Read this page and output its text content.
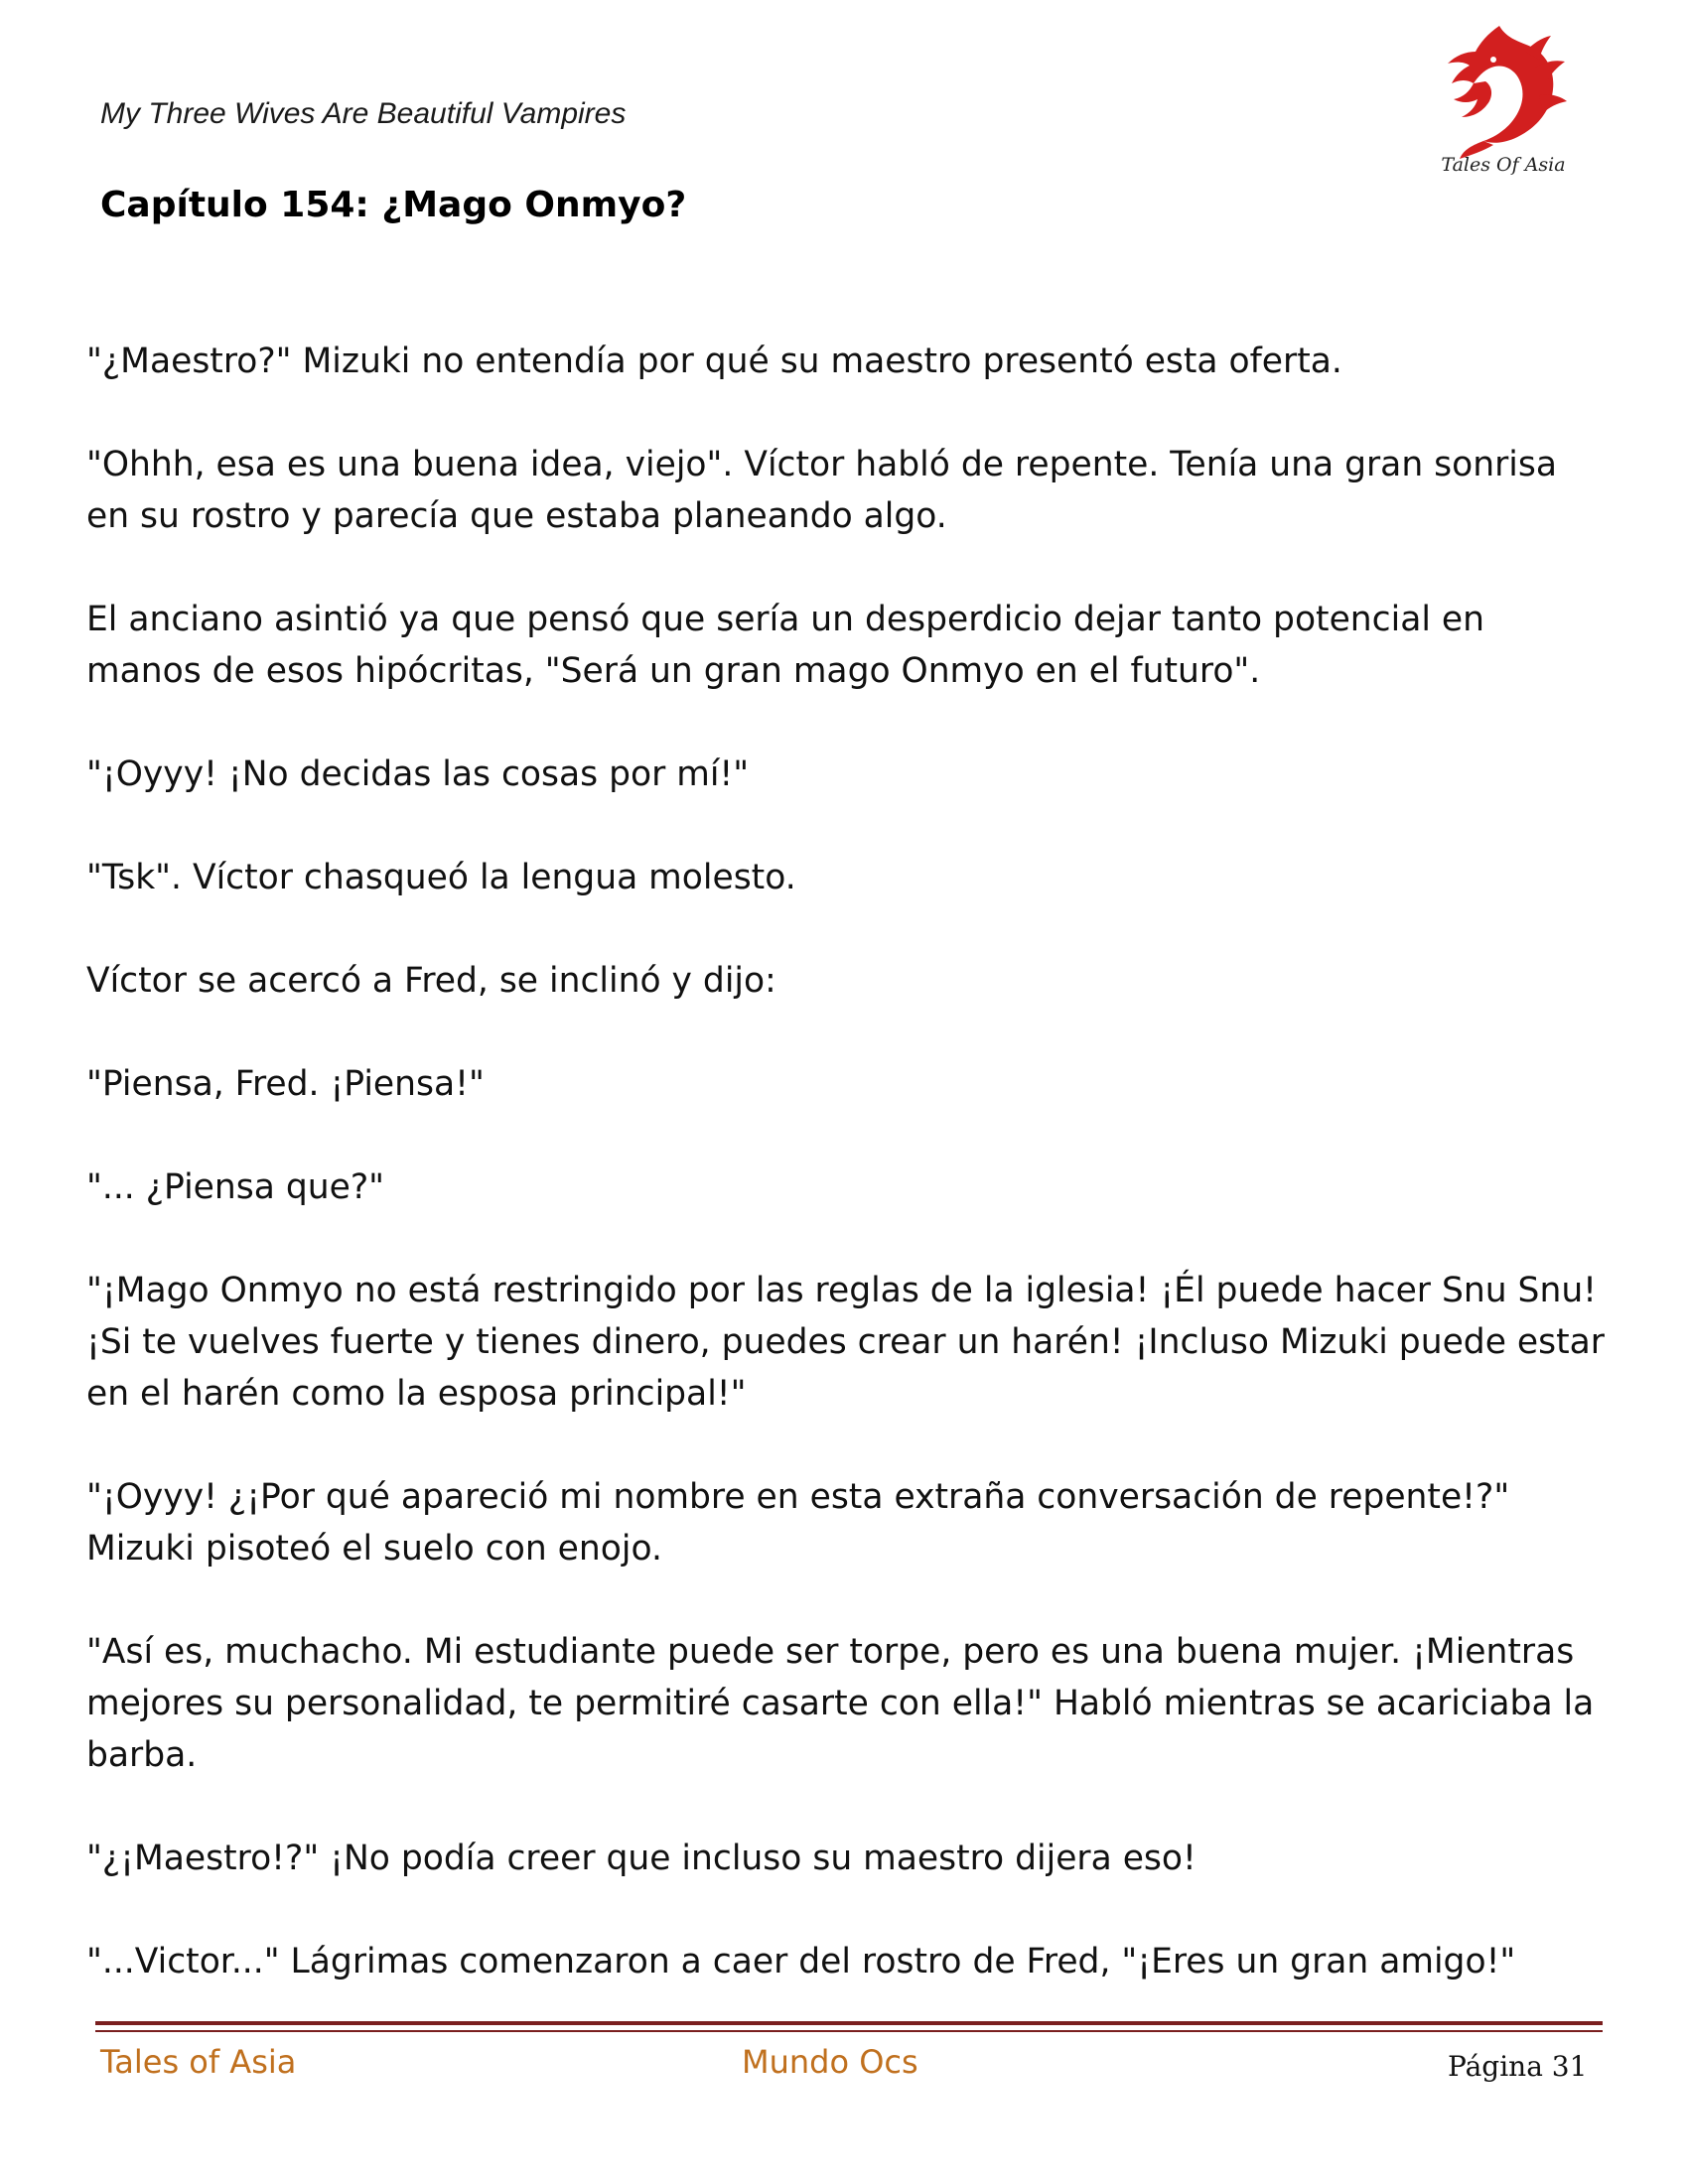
My Three Wives Are Beautiful Vampires
Capítulo 154: ¿Mago Onmyo?
Tales Of Asia

"¿Maestro?" Mizuki no entendía por qué su maestro presentó esta oferta.

"Ohhh, esa es una buena idea, viejo". Víctor habló de repente. Tenía una gran sonrisa en su rostro y parecía que estaba planeando algo.

El anciano asintió ya que pensó que sería un desperdicio dejar tanto potencial en manos de esos hipócritas, "Será un gran mago Onmyo en el futuro".

"¡Oyyy! ¡No decidas las cosas por mí!"

"Tsk". Víctor chasqueó la lengua molesto.

Víctor se acercó a Fred, se inclinó y dijo:

"Piensa, Fred. ¡Piensa!"

"... ¿Piensa que?"

"¡Mago Onmyo no está restringido por las reglas de la iglesia! ¡Él puede hacer Snu Snu! ¡Si te vuelves fuerte y tienes dinero, puedes crear un harén! ¡Incluso Mizuki puede estar en el harén como la esposa principal!"

"¡Oyyy! ¿¡Por qué apareció mi nombre en esta extraña conversación de repente!?" Mizuki pisoteó el suelo con enojo.

"Así es, muchacho. Mi estudiante puede ser torpe, pero es una buena mujer. ¡Mientras mejores su personalidad, te permitiré casarte con ella!" Habló mientras se acariciaba la barba.

"¿¡Maestro!?" ¡No podía creer que incluso su maestro dijera eso!

"...Victor..." Lágrimas comenzaron a caer del rostro de Fred, "¡Eres un gran amigo!"

Tales of Asia	Mundo Ocs	Página 31
